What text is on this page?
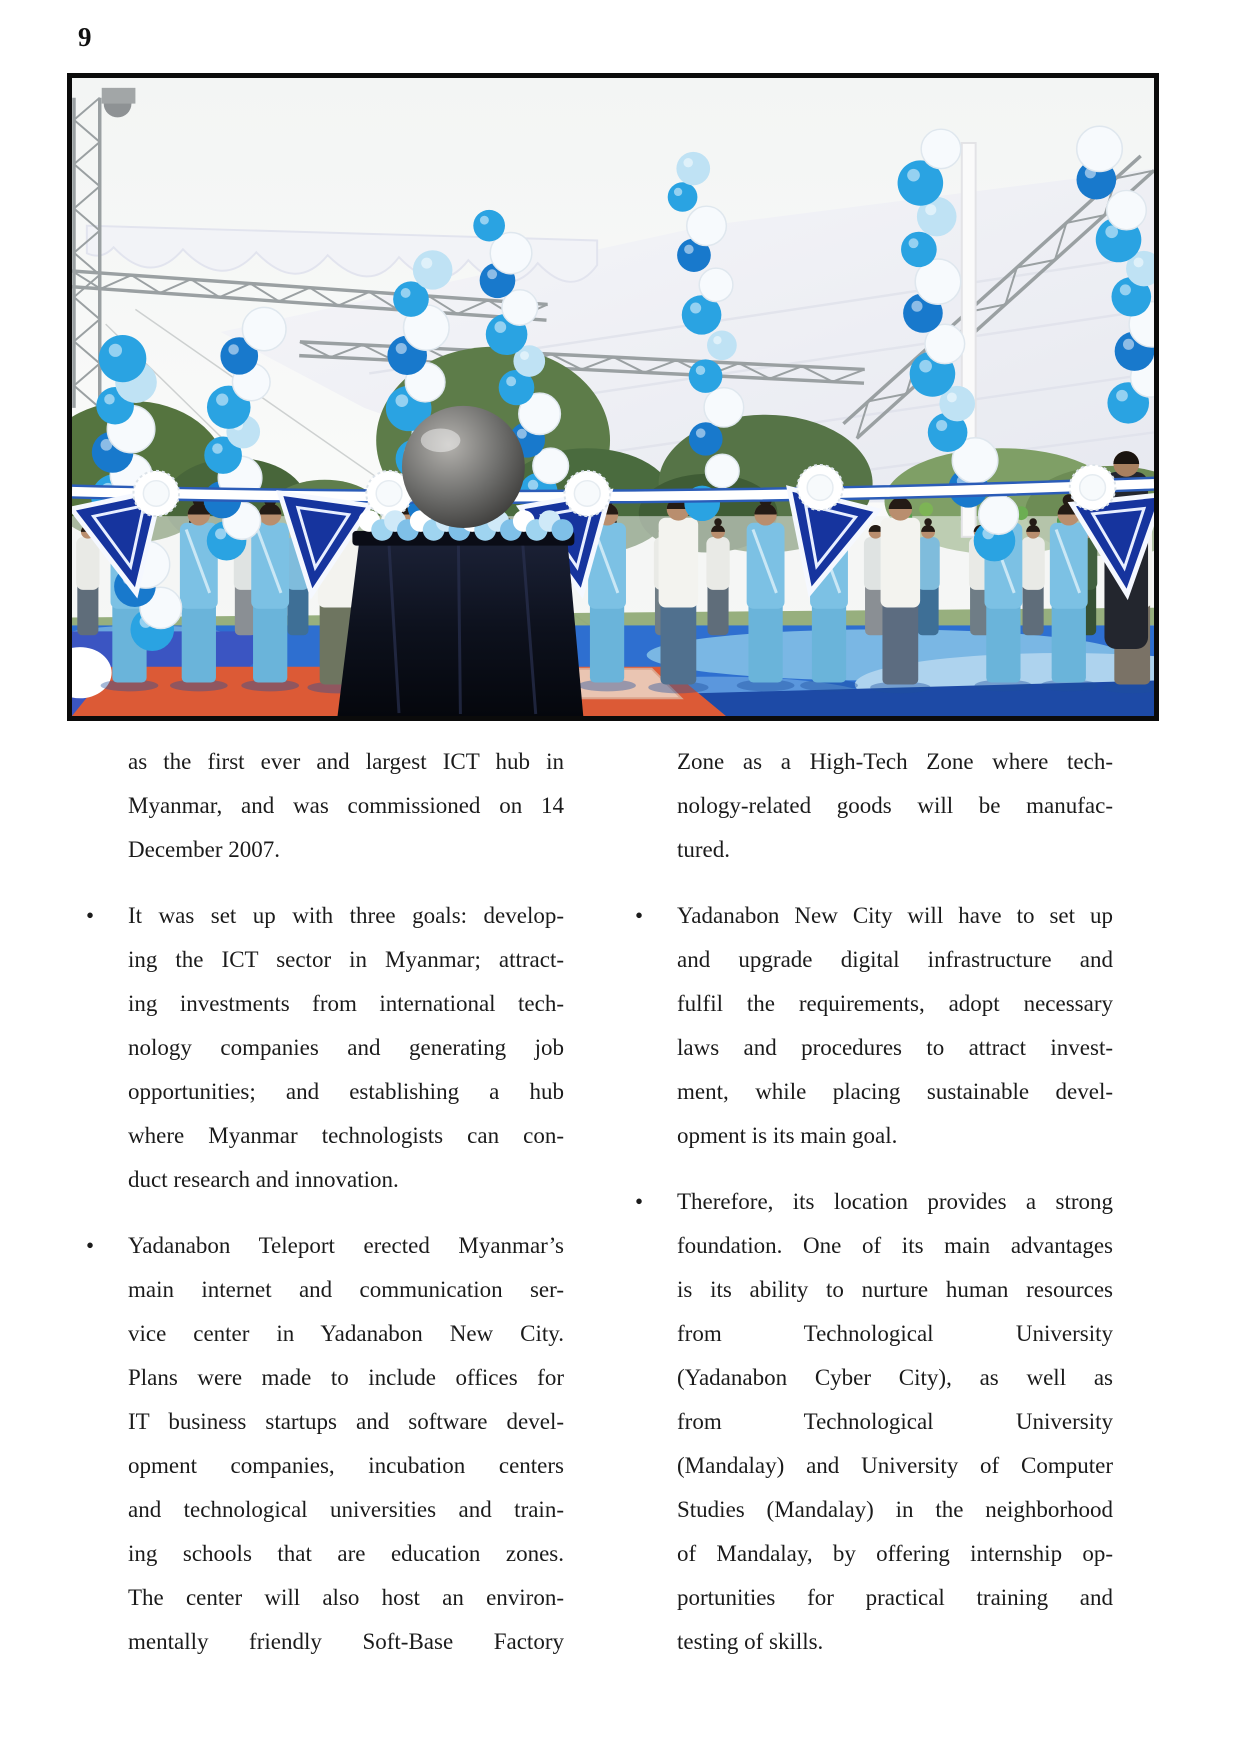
9
as the first ever and largest ICT hub in
Myanmar, and was commissioned on 14
December 2007.
• It was set up with three goals: develop-
ing the ICT sector in Myanmar; attract-
ing investments from international tech-
nology companies and generating job
opportunities; and establishing a hub
where Myanmar technologists can con-
duct research and innovation.
• Yadanabon Teleport erected Myanmar’s
main internet and communication ser-
vice center in Yadanabon New City.
Plans were made to include offices for
IT business startups and software devel-
opment companies, incubation centers
and technological universities and train-
ing schools that are education zones.
The center will also host an environ-
mentally friendly Soft-Base Factory
Zone as a High-Tech Zone where tech-
nology-related goods will be manufac-
tured.
• Yadanabon New City will have to set up
and upgrade digital infrastructure and
fulfil the requirements, adopt necessary
laws and procedures to attract invest-
ment, while placing sustainable devel-
opment is its main goal.
• Therefore, its location provides a strong
foundation. One of its main advantages
is its ability to nurture human resources
from Technological University
(Yadanabon Cyber City), as well as
from Technological University
(Mandalay) and University of Computer
Studies (Mandalay) in the neighborhood
of Mandalay, by offering internship op-
portunities for practical training and
testing of skills.
